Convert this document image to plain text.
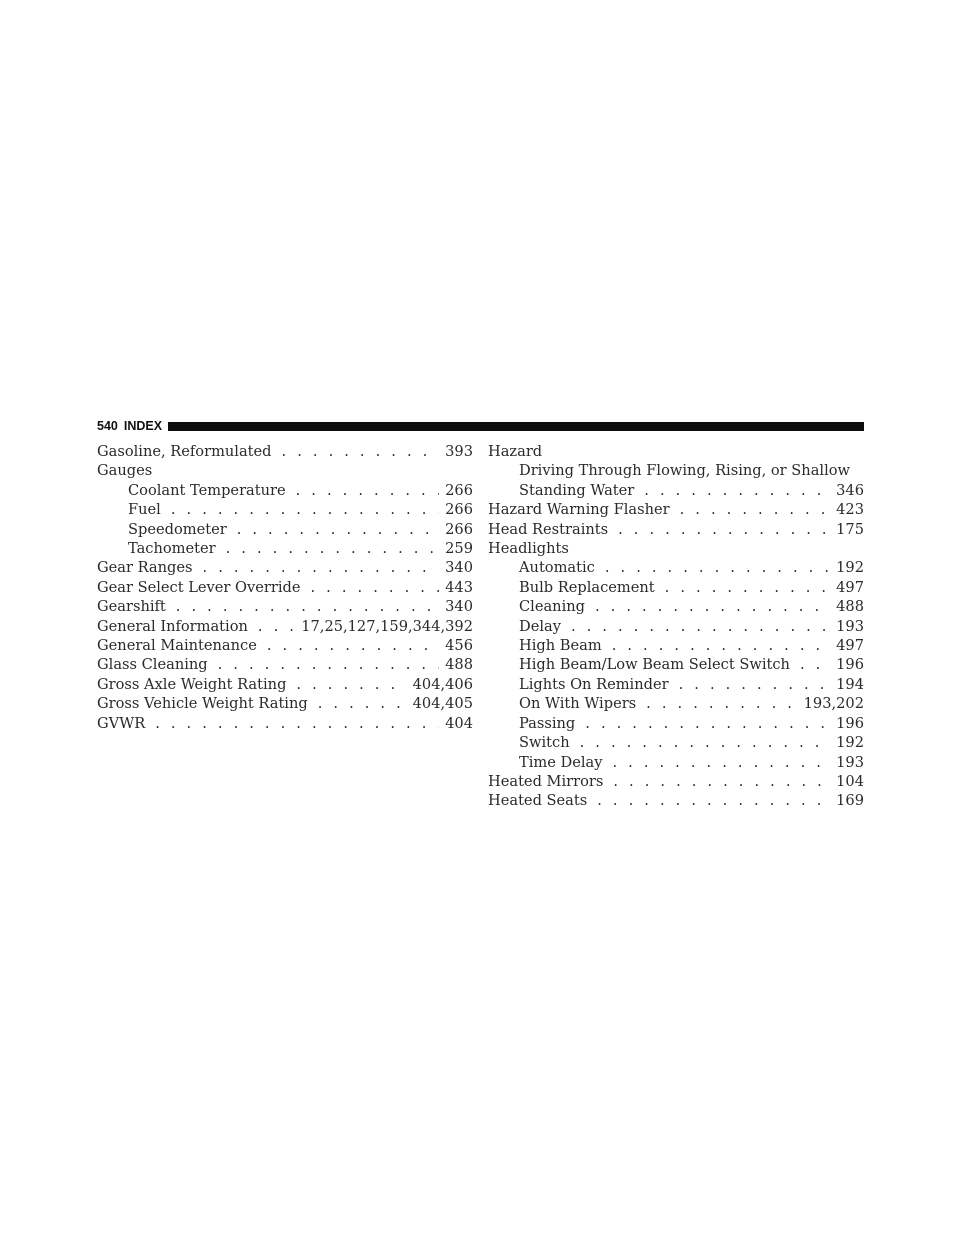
540 INDEX
Gasoline, Reformulated . . .	393
Gauges
Coolant Temperature . . .	266
Fuel . . .	266
Speedometer . . .	266
Tachometer . . .	259
Gear Ranges . . .	340
Gear Select Lever Override . . .	443
Gearshift . . .	340
General Information . . .	17,25,127,159,344,392
General Maintenance . . .	456
Glass Cleaning . . .	488
Gross Axle Weight Rating . . .	404,406
Gross Vehicle Weight Rating . . .	404,405
GVWR . . .	404
Hazard
Driving Through Flowing, Rising, or Shallow
Standing Water . . .	346
Hazard Warning Flasher . . .	423
Head Restraints . . .	175
Headlights
Automatic . . .	192
Bulb Replacement . . .	497
Cleaning . . .	488
Delay . . .	193
High Beam . . .	497
High Beam/Low Beam Select Switch . . .	196
Lights On Reminder . . .	194
On With Wipers . . .	193,202
Passing . . .	196
Switch . . .	192
Time Delay . . .	193
Heated Mirrors . . .	104
Heated Seats . . .	169
